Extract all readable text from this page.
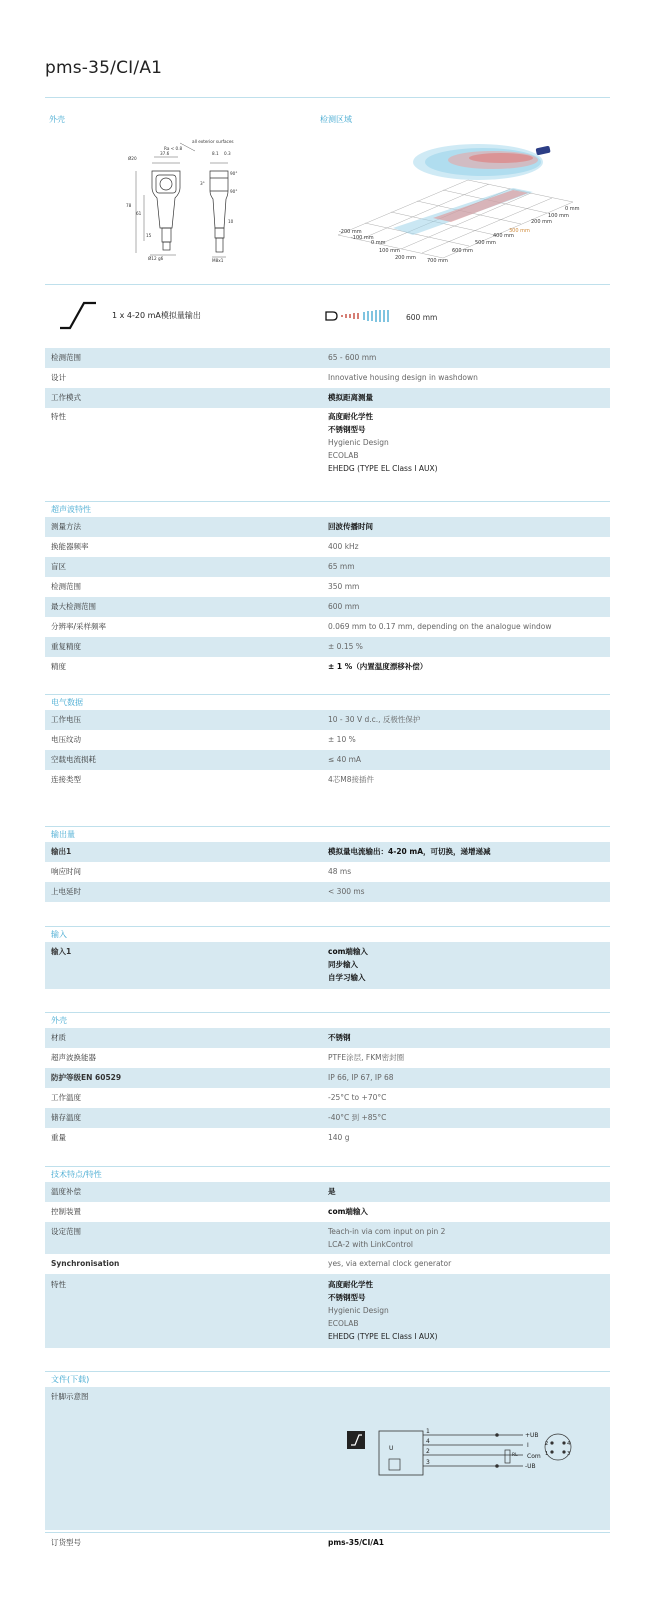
pms-35/CI/A1
外壳	检测区域
all exterior surfaces
Ra < 0.8
Ø20
37.6	8.1 0.3
78
61
10
15
3°
90°
90°
Ø12 g6	M8x1
0 mm
100 mm
200 mm
300 mm
400 mm
500 mm
600 mm
700 mm
-200 mm
-100 mm
0 mm
100 mm
200 mm
1 x 4-20 mA模拟量输出	600 mm
检测范围	65 - 600 mm
设计	Innovative housing design in washdown
工作模式	模拟距离测量
特性	高度耐化学性
不锈钢型号
Hygienic Design
ECOLAB
EHEDG (TYPE EL Class I AUX)
超声波特性
测量方法	回波传播时间
换能器频率	400 kHz
盲区	65 mm
检测范围	350 mm
最大检测范围	600 mm
分辨率/采样频率	0.069 mm to 0.17 mm, depending on the analogue window
重复精度	± 0.15 %
精度	± 1 %（内置温度漂移补偿）
电气数据
工作电压	10 - 30 V d.c., 反极性保护
电压纹动	± 10 %
空载电流损耗	≤ 40 mA
连接类型	4芯M8接插件
输出量
输出1	模拟量电流输出：4-20 mA，可切换，递增递减
响应时间	48 ms
上电延时	< 300 ms
输入
输入1	com端输入
同步输入
自学习输入
外壳
材质	不锈钢
超声波换能器	PTFE涂层, FKM密封圈
防护等级EN 60529	IP 66, IP 67, IP 68
工作温度	-25°C to +70°C
储存温度	-40°C 到 +85°C
重量	140 g
技术特点/特性
温度补偿	是
控制装置	com端输入
设定范围	Teach-in via com input on pin 2
LCA-2 with LinkControl
Synchronisation	yes, via external clock generator
特性	高度耐化学性
不锈钢型号
Hygienic Design
ECOLAB
EHEDG (TYPE EL Class I AUX)
文件(下载)
针脚示意图
U
1
4
2
3
+UB
I
Com
-UB
RL
2	4
1	3
订货型号	pms-35/CI/A1
